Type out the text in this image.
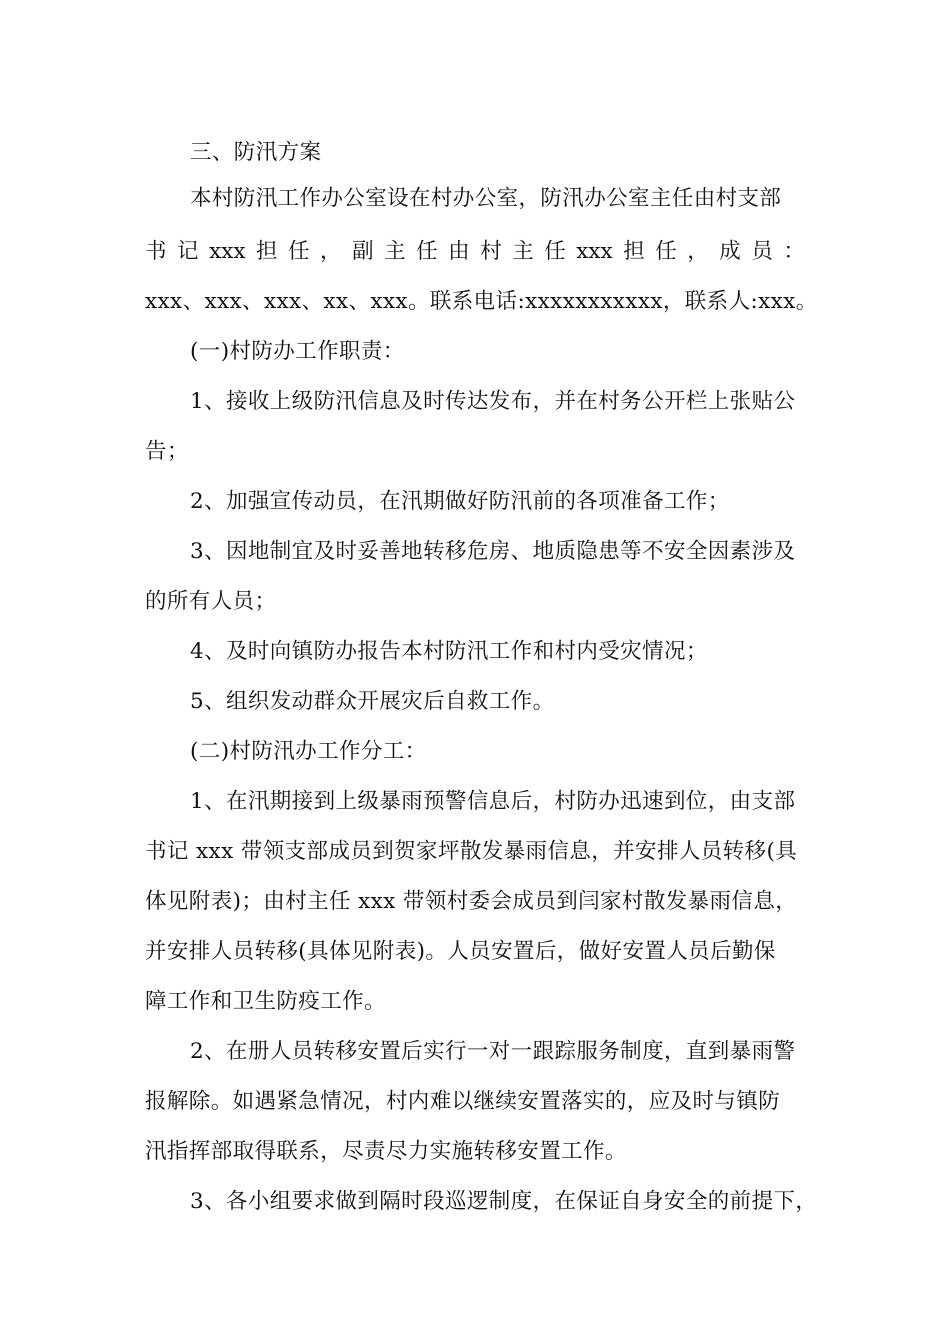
三、防汛方案
本村防汛工作办公室设在村办公室，防汛办公室主任由村支部
书 记 xxx 担 任 ， 副 主 任 由 村 主 任 xxx 担 任 ， 成 员 ：
xxx、xxx、xxx、xx、xxx。联系电话:xxxxxxxxxxx，联系人:xxx。
(一)村防办工作职责：
1、接收上级防汛信息及时传达发布，并在村务公开栏上张贴公
告；
2、加强宣传动员，在汛期做好防汛前的各项准备工作；
3、因地制宜及时妥善地转移危房、地质隐患等不安全因素涉及
的所有人员；
4、及时向镇防办报告本村防汛工作和村内受灾情况；
5、组织发动群众开展灾后自救工作。
(二)村防汛办工作分工：
1、在汛期接到上级暴雨预警信息后，村防办迅速到位，由支部
书记 xxx 带领支部成员到贺家坪散发暴雨信息，并安排人员转移(具
体见附表)；由村主任 xxx 带领村委会成员到闫家村散发暴雨信息，
并安排人员转移(具体见附表)。人员安置后，做好安置人员后勤保
障工作和卫生防疫工作。
2、在册人员转移安置后实行一对一跟踪服务制度，直到暴雨警
报解除。如遇紧急情况，村内难以继续安置落实的，应及时与镇防
汛指挥部取得联系，尽责尽力实施转移安置工作。
3、各小组要求做到隔时段巡逻制度，在保证自身安全的前提下，
